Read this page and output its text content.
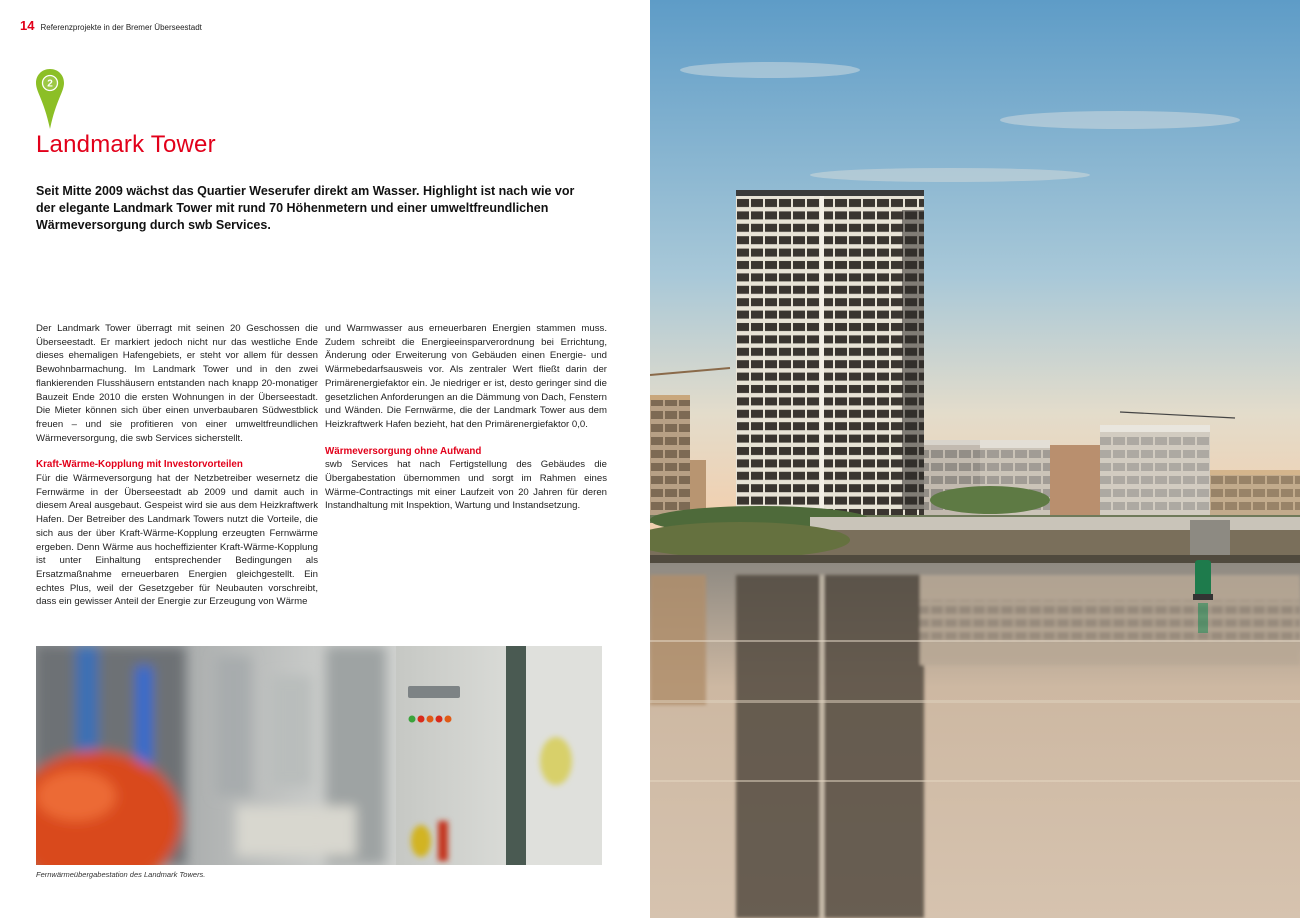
14 Referenzprojekte in der Bremer Überseestadt
2
Landmark Tower

Seit Mitte 2009 wächst das Quartier Weserufer direkt am Wasser. Highlight ist nach wie vor der elegante Landmark Tower mit rund 70 Höhenmetern und einer umweltfreundlichen Wärmeversorgung durch swb Services.

Der Landmark Tower überragt mit seinen 20 Geschossen die Überseestadt. Er markiert jedoch nicht nur das westliche Ende dieses ehemaligen Hafengebiets, er steht vor allem für dessen Bewohnbarmachung. Im Landmark Tower und in den zwei flankierenden Flusshäusern entstanden nach knapp 20-monatiger Bauzeit Ende 2010 die ersten Wohnungen in der Überseestadt. Die Mieter können sich über einen unverbaubaren Südwestblick freuen – und sie profitieren von einer umweltfreundlichen Wärmeversorgung, die swb Services sicherstellt.

Kraft-Wärme-Kopplung mit Investorvorteilen

Für die Wärmeversorgung hat der Netzbetreiber wesernetz die Fernwärme in der Überseestadt ab 2009 und damit auch in diesem Areal ausgebaut. Gespeist wird sie aus dem Heizkraftwerk Hafen. Der Betreiber des Landmark Towers nutzt die Vorteile, die sich aus der über Kraft-Wärme-Kopplung erzeugten Fernwärme ergeben. Denn Wärme aus hocheffizienter Kraft-Wärme-Kopplung ist unter Einhaltung entsprechender Bedingungen als Ersatzmaßnahme erneuerbaren Energien gleichgestellt. Ein echtes Plus, weil der Gesetzgeber für Neubauten vorschreibt, dass ein gewisser Anteil der Energie zur Erzeugung von Wärme

und Warmwasser aus erneuerbaren Energien stammen muss. Zudem schreibt die Energieeinsparverordnung bei Errichtung, Änderung oder Erweiterung von Gebäuden einen Energie- und Wärmebedarfsausweis vor. Als zentraler Wert fließt darin der Primärenergiefaktor ein. Je niedriger er ist, desto geringer sind die gesetzlichen Anforderungen an die Dämmung von Dach, Fenstern und Wänden. Die Fernwärme, die der Landmark Tower aus dem Heizkraftwerk Hafen bezieht, hat den Primärenergiefaktor 0,0.

Wärmeversorgung ohne Aufwand

swb Services hat nach Fertigstellung des Gebäudes die Übergabestation übernommen und sorgt im Rahmen eines Wärme-Contractings mit einer Laufzeit von 20 Jahren für deren Instandhaltung mit Inspektion, Wartung und Instandsetzung.

Fernwärmeübergabestation des Landmark Towers.
